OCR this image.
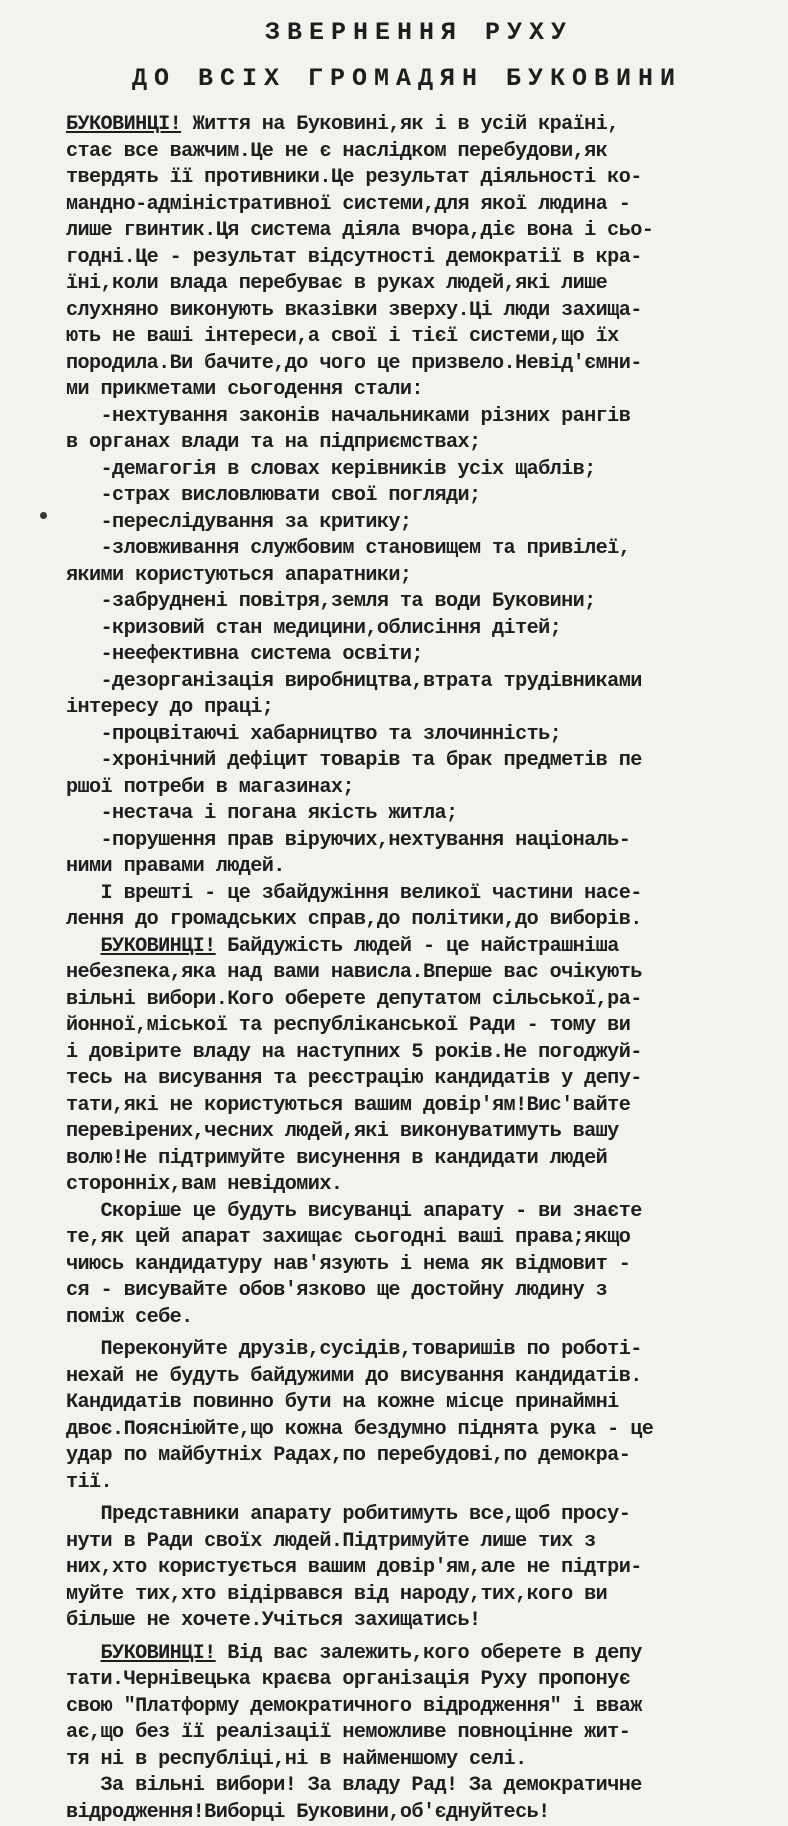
ЗВЕРНЕННЯ РУХУ
ДО ВСІХ ГРОМАДЯН БУКОВИНИ
БУКОВИНЦІ! Життя на Буковині,як і в усій країні,
стає все важчим.Це не є наслідком перебудови,як
твердять її противники.Це результат діяльності ко-
мандно-адміністративної системи,для якої людина -
лише гвинтик.Ця система діяла вчора,діє вона і сьо-
годні.Це - результат відсутності демократії в кра-
їні,коли влада перебуває в руках людей,які лише
слухняно виконують вказівки зверху.Ці люди захища-
ють не ваші інтереси,а свої і тієї системи,що їх
породила.Ви бачите,до чого це призвело.Невід'ємни-
ми прикметами сьогодення стали:
-нехтування законів начальниками різних рангів
в органах влади та на підприємствах;
-демагогія в словах керівників усіх щаблів;
-страх висловлювати свої погляди;
-переслідування за критику;
-зловживання службовим становищем та привілеї,
якими користуються апаратники;
-забруднені повітря,земля та води Буковини;
-кризовий стан медицини,облисіння дітей;
-неефективна система освіти;
-дезорганізація виробництва,втрата трудівниками
інтересу до праці;
-процвітаючі хабарництво та злочинність;
-хронічний дефіцит товарів та брак предметів пе
ршої потреби в магазинах;
-нестача і погана якість житла;
-порушення прав віруючих,нехтування національ-
ними правами людей.
І врешті - це збайдужіння великої частини насе-
лення до громадських справ,до політики,до виборів.
БУКОВИНЦІ! Байдужість людей - це найстрашніша
небезпека,яка над вами нависла.Вперше вас очікують
вільні вибори.Кого оберете депутатом сільської,ра-
йонної,міської та республіканської Ради - тому ви
і довірите владу на наступних 5 років.Не погоджуй-
тесь на висування та реєстрацію кандидатів у депу-
тати,які не користуються вашим довір'ям!Вис'вайте
перевірених,чесних людей,які виконуватимуть вашу
волю!Не підтримуйте висунення в кандидати людей
сторонніх,вам невідомих.
Скоріше це будуть висуванці апарату - ви знаєте
те,як цей апарат захищає сьогодні ваші права;якщо
чиюсь кандидатуру нав'язують і нема як відмовит -
ся - висувайте обов'язково ще достойну людину з
поміж себе.
Переконуйте друзів,сусідів,товаришів по роботі-
нехай не будуть байдужими до висування кандидатів.
Кандидатів повинно бути на кожне місце принаймні
двоє.Поясніюйте,що кожна бездумно піднята рука - це
удар по майбутніх Радах,по перебудові,по демокра-
тії.
Представники апарату робитимуть все,щоб просу-
нути в Ради своїх людей.Підтримуйте лише тих з
них,хто користується вашим довір'ям,але не підтри-
муйте тих,хто відірвався від народу,тих,кого ви
більше не хочете.Учіться захищатись!
БУКОВИНЦІ! Від вас залежить,кого оберете в депу
тати.Чернівецька краєва організація Руху пропонує
свою "Платформу демократичного відродження" і вваж
ає,що без її реалізації неможливе повноцінне жит-
тя ні в республіці,ні в найменшому селі.
За вільні вибори! За владу Рад! За демократичне
відродження!Виборці Буковини,об'єднуйтесь!
